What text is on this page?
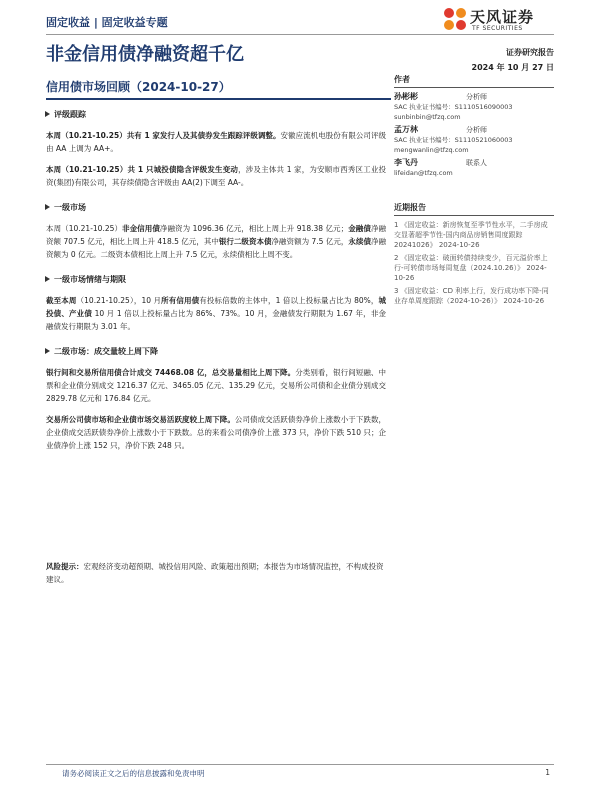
固定收益 | 固定收益专题	天风证券
TF SECURITIES
非金信用债净融资超千亿	证券研究报告
2024 年 10 月 27 日
信用债市场回顾（2024-10-27）
评级跟踪

本周（10.21-10.25）共有 1 家发行人及其债券发生跟踪评级调整。安徽应流机电股份有限公司评级由 AA 上调为 AA+。

本周（10.21-10.25）共 1 只城投债隐含评级发生变动，涉及主体共 1 家，为安顺市西秀区工业投资(集团)有限公司，其存续债隐含评级由 AA(2)下调至 AA-。

一级市场

本周（10.21-10.25）非金信用债净融资为 1096.36 亿元，相比上周上升 918.38 亿元；金融债净融资额 707.5 亿元，相比上周上升 418.5 亿元，其中银行二级资本债净融资额为 7.5 亿元，永续债净融资额为 0 亿元。二级资本债相比上周上升 7.5 亿元，永续债相比上周不变。

一级市场情绪与期限

截至本周（10.21-10.25），10 月所有信用债有投标倍数的主体中，1 倍以上投标量占比为 80%，城投债、产业债 10 月 1 倍以上投标量占比为 86%、73%。10 月，金融债发行期限为 1.67 年，非金融债发行期限为 3.01 年。

二级市场：成交量较上周下降

银行间和交易所信用债合计成交 74468.08 亿，总交易量相比上周下降。分类别看，银行间短融、中票和企业债分别成交 1216.37 亿元、3465.05 亿元、135.29 亿元，交易所公司债和企业债分别成交 2829.78 亿元和 176.84 亿元。

交易所公司债市场和企业债市场交易活跃度较上周下降。公司债成交活跃债券净价上涨数小于下跌数，企业债成交活跃债券净价上涨数小于下跌数。总的来看公司债净价上涨 373 只，净价下跌 510 只；企业债净价上涨 152 只，净价下跌 248 只。

风险提示：宏观经济变动超预期、城投信用风险、政策超出预期；本报告为市场情况监控，不构成投资建议。
作者
孙彬彬	分析师
SAC 执业证书编号：S1110516090003
sunbinbin@tfzq.com
孟万林	分析师
SAC 执业证书编号：S1110521060003
mengwanlin@tfzq.com
李飞丹	联系人
lifeidan@tfzq.com
近期报告
1 《固定收益：新房恢复至季节性水平，二手房成交显著超季节性-国内商品房销售周度跟踪 20241026》 2024-10-26
2 《固定收益：破面转债持续变少，百元溢价率上行-可转债市场每周复盘（2024.10.26）》 2024-10-26
3 《固定收益：CD 利率上行，发行成功率下降-同业存单周度跟踪（2024-10-26）》 2024-10-26
请务必阅读正文之后的信息披露和免责申明	1
